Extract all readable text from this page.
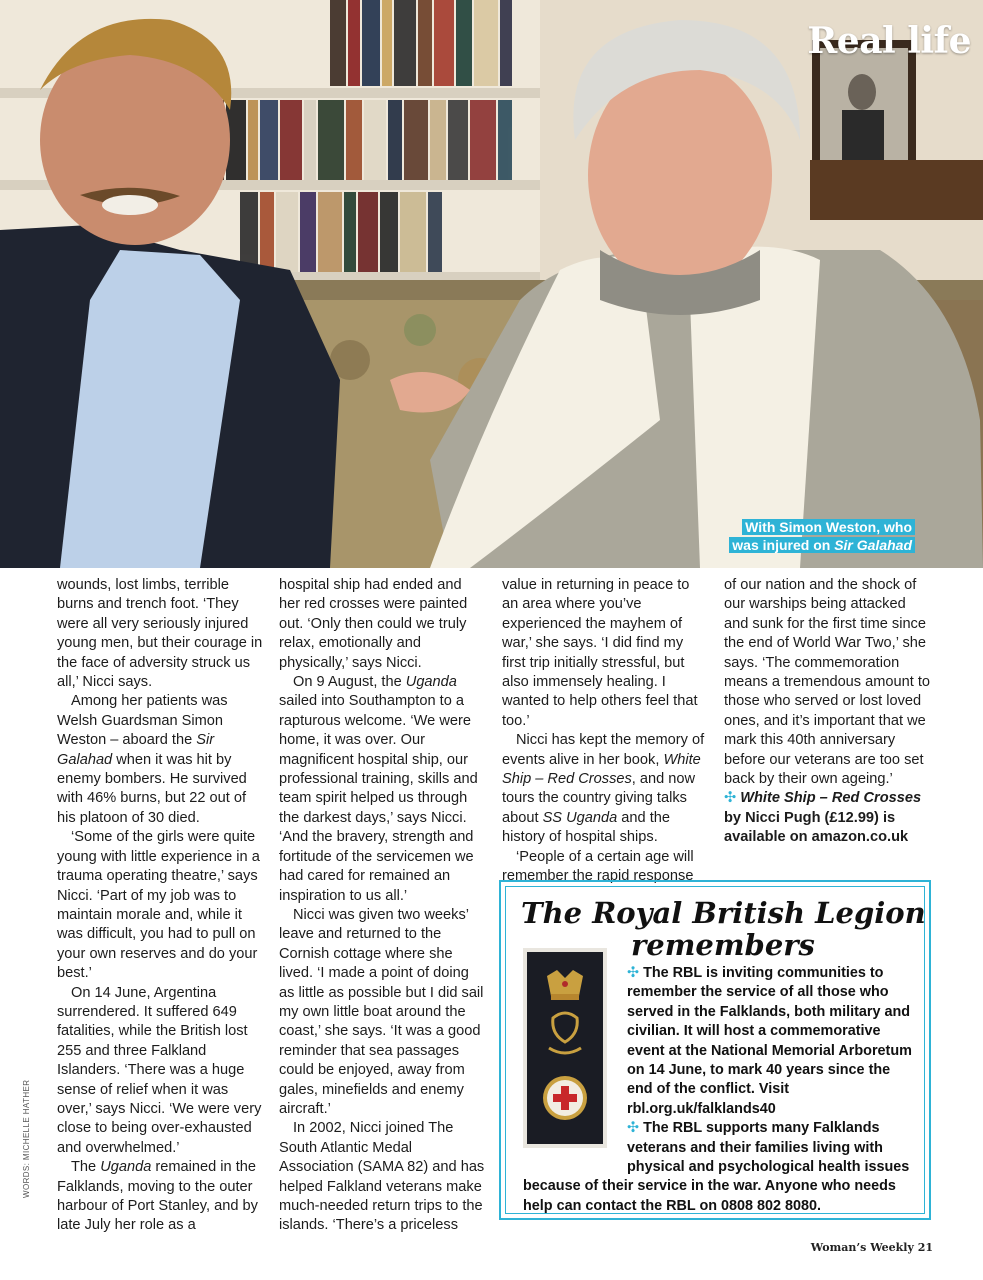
Real life
With Simon Weston, who
was injured on Sir Galahad

wounds, lost limbs, terrible burns and trench foot. ‘They were all very seriously injured young men, but their courage in the face of adversity struck us all,’ Nicci says.

Among her patients was Welsh Guardsman Simon Weston – aboard the Sir Galahad when it was hit by enemy bombers. He survived with 46% burns, but 22 out of his platoon of 30 died.

‘Some of the girls were quite young with little experience in a trauma operating theatre,’ says Nicci. ‘Part of my job was to maintain morale and, while it was difficult, you had to pull on your own reserves and do your best.’

On 14 June, Argentina surrendered. It suffered 649 fatalities, while the British lost 255 and three Falkland Islanders. ‘There was a huge sense of relief when it was over,’ says Nicci. ‘We were very close to being over-exhausted and overwhelmed.’

The Uganda remained in the Falklands, moving to the outer harbour of Port Stanley, and by late July her role as a

hospital ship had ended and her red crosses were painted out. ‘Only then could we truly relax, emotionally and physically,’ says Nicci.

On 9 August, the Uganda sailed into Southampton to a rapturous welcome. ‘We were home, it was over. Our magnificent hospital ship, our professional training, skills and team spirit helped us through the darkest days,’ says Nicci. ‘And the bravery, strength and fortitude of the servicemen we had cared for remained an inspiration to us all.’

Nicci was given two weeks’ leave and returned to the Cornish cottage where she lived. ‘I made a point of doing as little as possible but I did sail my own little boat around the coast,’ she says. ‘It was a good reminder that sea passages could be enjoyed, away from gales, minefields and enemy aircraft.’

In 2002, Nicci joined The South Atlantic Medal Association (SAMA 82) and has helped Falkland veterans make much-needed return trips to the islands. ‘There’s a priceless

value in returning in peace to an area where you’ve experienced the mayhem of war,’ she says. ‘I did find my first trip initially stressful, but also immensely healing. I wanted to help others feel that too.’

Nicci has kept the memory of events alive in her book, White Ship – Red Crosses, and now tours the country giving talks about SS Uganda and the history of hospital ships.

‘People of a certain age will remember the rapid response

of our nation and the shock of our warships being attacked and sunk for the first time since the end of World War Two,’ she says. ‘The commemoration means a tremendous amount to those who served or lost loved ones, and it’s important that we mark this 40th anniversary before our veterans are too set back by their own ageing.’

✣ White Ship – Red Crosses by Nicci Pugh (£12.99) is available on amazon.co.uk

WORDS: MICHELLE HATHER
The Royal British Legion
remembers

✣ The RBL is inviting communities to remember the service of all those who served in the Falklands, both military and civilian. It will host a commemorative event at the National Memorial Arboretum on 14 June, to mark 40 years since the end of the conflict. Visit rbl.org.uk/falklands40

✣ The RBL supports many Falklands veterans and their families living with physical and psychological health issues because of their service in the war. Anyone who needs help can contact the RBL on 0808 802 8080.

Woman’s Weekly 21
